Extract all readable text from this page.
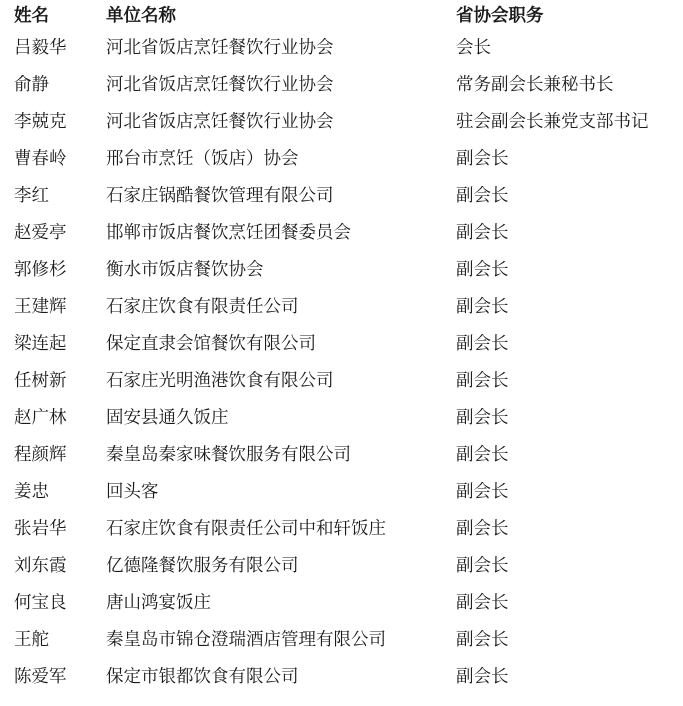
姓名	单位名称	省协会职务
吕毅华	河北省饭店烹饪餐饮行业协会	会长
俞静	河北省饭店烹饪餐饮行业协会	常务副会长兼秘书长
李兢克	河北省饭店烹饪餐饮行业协会	驻会副会长兼党支部书记
曹春岭	邢台市烹饪（饭店）协会	副会长
李红	石家庄锅酷餐饮管理有限公司	副会长
赵爱亭	邯郸市饭店餐饮烹饪团餐委员会	副会长
郭修杉	衡水市饭店餐饮协会	副会长
王建辉	石家庄饮食有限责任公司	副会长
梁连起	保定直隶会馆餐饮有限公司	副会长
任树新	石家庄光明渔港饮食有限公司	副会长
赵广林	固安县通久饭庄	副会长
程颜辉	秦皇岛秦家味餐饮服务有限公司	副会长
姜忠	回头客	副会长
张岩华	石家庄饮食有限责任公司中和轩饭庄	副会长
刘东霞	亿德隆餐饮服务有限公司	副会长
何宝良	唐山鸿宴饭庄	副会长
王舵	秦皇岛市锦仓澄瑞酒店管理有限公司	副会长
陈爱军	保定市银都饮食有限公司	副会长
